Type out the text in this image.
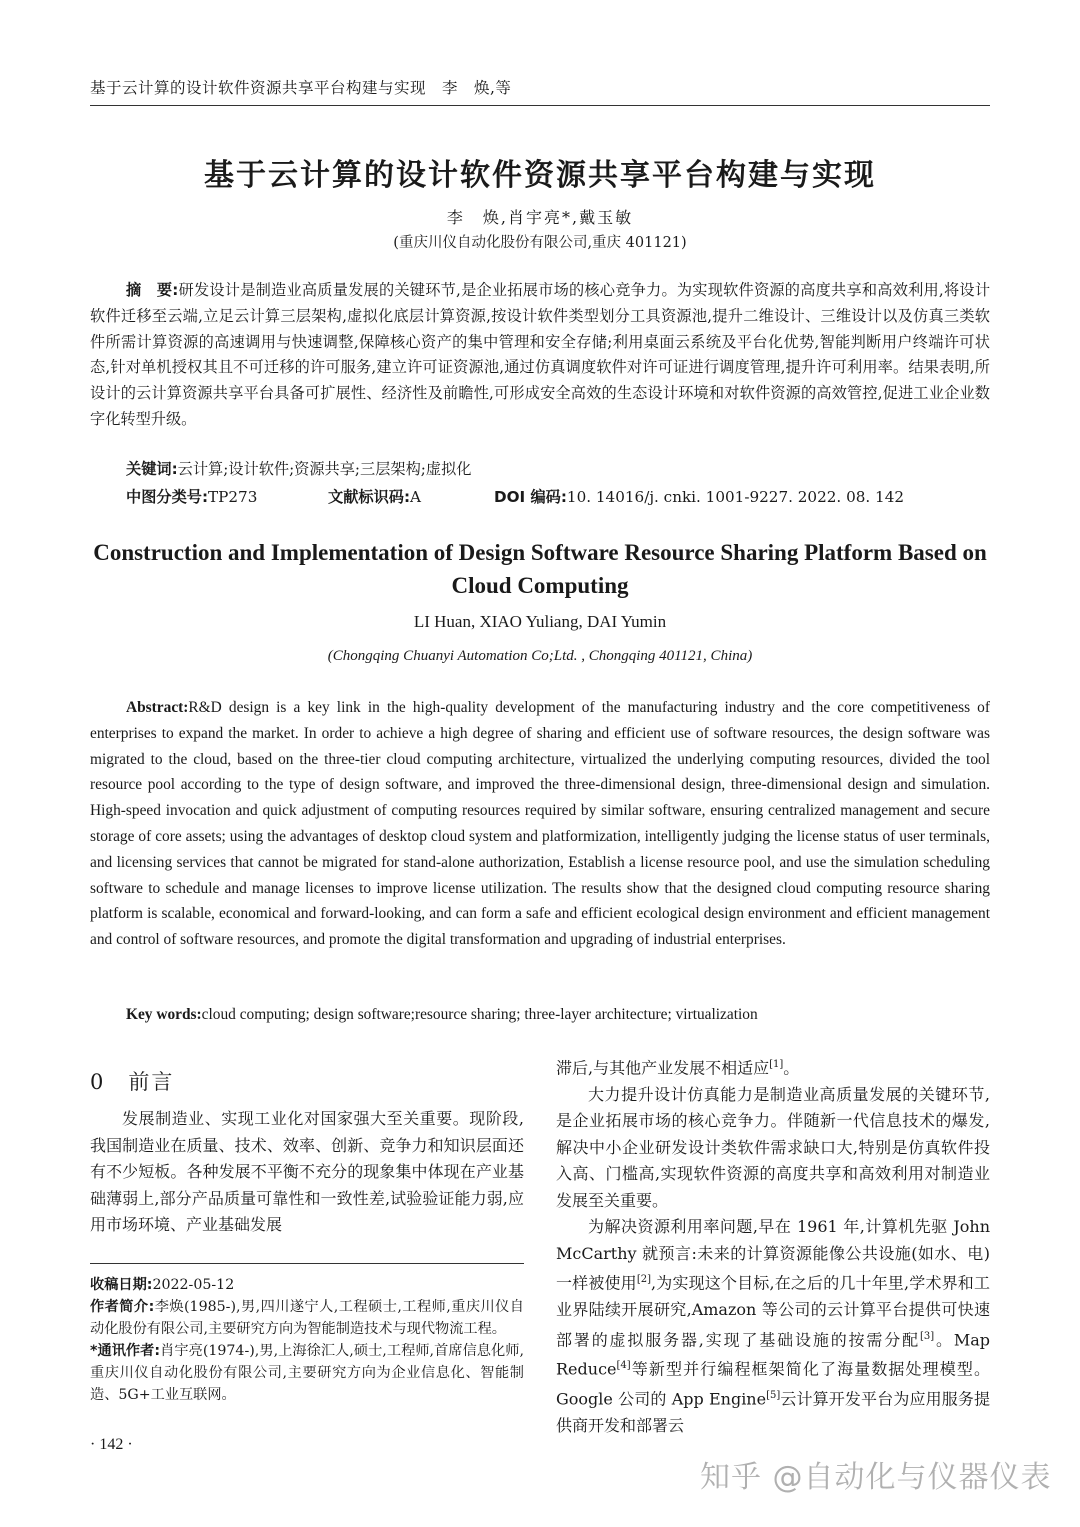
基于云计算的设计软件资源共享平台构建与实现　李　焕,等
基于云计算的设计软件资源共享平台构建与实现
李　焕,肖宇亮*,戴玉敏
(重庆川仪自动化股份有限公司,重庆 401121)

摘　要:研发设计是制造业高质量发展的关键环节,是企业拓展市场的核心竞争力。为实现软件资源的高度共享和高效利用,将设计软件迁移至云端,立足云计算三层架构,虚拟化底层计算资源,按设计软件类型划分工具资源池,提升二维设计、三维设计以及仿真三类软件所需计算资源的高速调用与快速调整,保障核心资产的集中管理和安全存储;利用桌面云系统及平台化优势,智能判断用户终端许可状态,针对单机授权其且不可迁移的许可服务,建立许可证资源池,通过仿真调度软件对许可证进行调度管理,提升许可利用率。结果表明,所设计的云计算资源共享平台具备可扩展性、经济性及前瞻性,可形成安全高效的生态设计环境和对软件资源的高效管控,促进工业企业数字化转型升级。

关键词:云计算;设计软件;资源共享;三层架构;虚拟化
中图分类号:TP273	文献标识码:A	DOI 编码:10. 14016/j. cnki. 1001-9227. 2022. 08. 142
Construction and Implementation of Design Software Resource Sharing Platform Based on Cloud Computing
LI Huan, XIAO Yuliang, DAI Yumin
(Chongqing Chuanyi Automation Co;Ltd. , Chongqing 401121, China)

Abstract:R&D design is a key link in the high-quality development of the manufacturing industry and the core competitiveness of enterprises to expand the market. In order to achieve a high degree of sharing and efficient use of software resources, the design software was migrated to the cloud, based on the three-tier cloud computing architecture, virtualized the underlying computing resources, divided the tool resource pool according to the type of design software, and improved the three-dimensional design, three-dimensional design and simulation. High-speed invocation and quick adjustment of computing resources required by similar software, ensuring centralized management and secure storage of core assets; using the advantages of desktop cloud system and platformization, intelligently judging the license status of user terminals, and licensing services that cannot be migrated for stand-alone authorization, Establish a license resource pool, and use the simulation scheduling software to schedule and manage licenses to improve license utilization. The results show that the designed cloud computing resource sharing platform is scalable, economical and forward-looking, and can form a safe and efficient ecological design environment and efficient management and control of software resources, and promote the digital transformation and upgrading of industrial enterprises.

Key words:cloud computing; design software;resource sharing; three-layer architecture; virtualization
0　前言

发展制造业、实现工业化对国家强大至关重要。现阶段,我国制造业在质量、技术、效率、创新、竞争力和知识层面还有不少短板。各种发展不平衡不充分的现象集中体现在产业基础薄弱上,部分产品质量可靠性和一致性差,试验验证能力弱,应用市场环境、产业基础发展

滞后,与其他产业发展不相适应[1]。

大力提升设计仿真能力是制造业高质量发展的关键环节,是企业拓展市场的核心竞争力。伴随新一代信息技术的爆发,解决中小企业研发设计类软件需求缺口大,特别是仿真软件投入高、门槛高,实现软件资源的高度共享和高效利用对制造业发展至关重要。

为解决资源利用率问题,早在 1961 年,计算机先驱 John McCarthy 就预言:未来的计算资源能像公共设施(如水、电)一样被使用[2],为实现这个目标,在之后的几十年里,学术界和工业界陆续开展研究,Amazon 等公司的云计算平台提供可快速部署的虚拟服务器,实现了基础设施的按需分配[3]。Map Reduce[4]等新型并行编程框架简化了海量数据处理模型。Google 公司的 App Engine[5]云计算开发平台为应用服务提供商开发和部署云

收稿日期:2022-05-12

作者简介:李焕(1985-),男,四川遂宁人,工程硕士,工程师,重庆川仪自动化股份有限公司,主要研究方向为智能制造技术与现代物流工程。

*通讯作者:肖宇亮(1974-),男,上海徐汇人,硕士,工程师,首席信息化师,重庆川仪自动化股份有限公司,主要研究方向为企业信息化、智能制造、5G+工业互联网。

· 142 ·
知乎 @自动化与仪器仪表
